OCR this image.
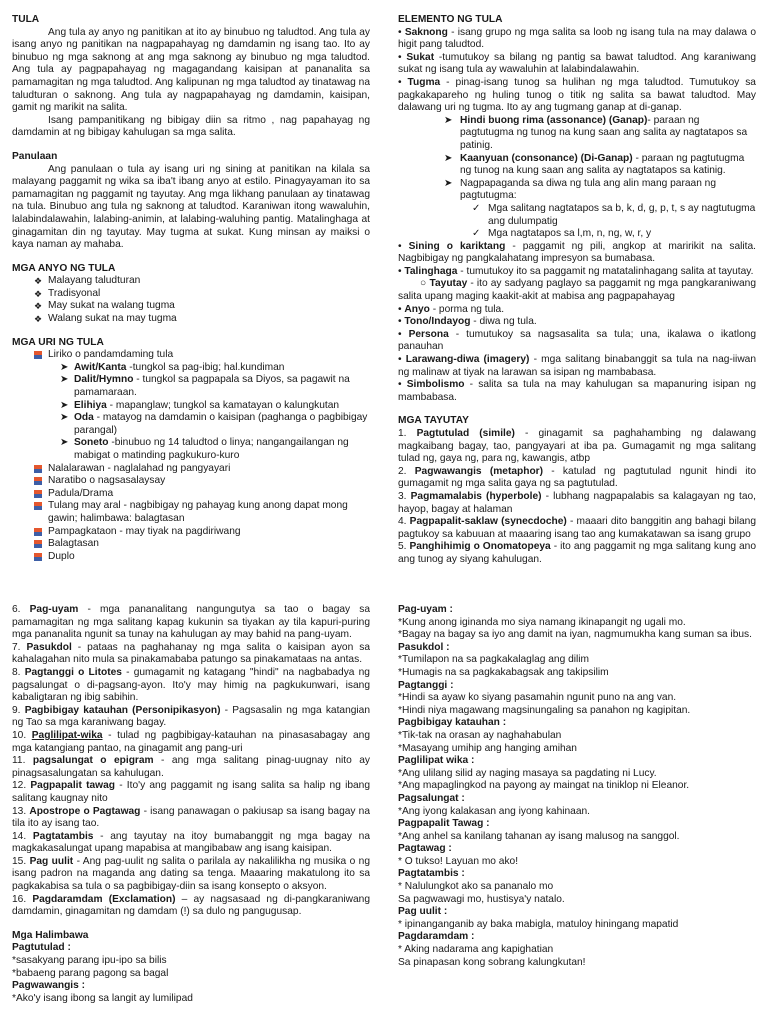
TULA

Ang tula ay anyo ng panitikan at ito ay binubuo ng taludtod. Ang tula ay isang anyo ng panitikan na nagpapahayag ng damdamin ng isang tao. Ito ay binubuo ng mga saknong at ang mga saknong ay binubuo ng mga taludtod. Ang tula ay pagpapahayag ng magagandang kaisipan at pananalita sa pamamagitan ng mga taludtod. Ang kalipunan ng mga taludtod ay tinatawag na taludturan o saknong. Ang tula ay nagpapahayag ng damdamin, kaisipan, gamit ng marikit na salita.

Isang pampanitikang ng bibigay diin sa ritmo , nag papahayag ng damdamin at ng bibigay kahulugan sa mga salita.

Panulaan

Ang panulaan o tula ay isang uri ng sining at panitikan na kilala sa malayang paggamit ng wika sa iba't ibang anyo at estilo. Pinagyayaman ito sa pamamagitan ng paggamit ng tayutay. Ang mga likhang panulaan ay tinatawag na tula. Binubuo ang tula ng saknong at taludtod. Karaniwan itong wawaluhin, lalabindalawahin, lalabing-animin, at lalabing-waluhing pantig. Matalinghaga at ginagamitan din ng tayutay. May tugma at sukat. Kung minsan ay maiksi o kaya naman ay mahaba.

MGA ANYO NG TULA

❖ Malayang taludturan

❖ Tradisyonal

❖ May sukat na walang tugma

❖ Walang sukat na may tugma

MGA URI NG TULA

Liriko o pandamdaming tula

➤ Awit/Kanta -tungkol sa pag-ibig; hal.kundiman

➤ Dalit/Hymno - tungkol sa pagpapala sa Diyos, sa pagawit na pamamaraan.

➤ Elihiya - mapanglaw; tungkol sa kamatayan o kalungkutan

➤ Oda - matayog na damdamin o kaisipan (paghanga o pagbibigay parangal)

➤ Soneto -binubuo ng 14 taludtod o linya; nangangailangan ng mabigat o matinding pagkukuro-kuro

Nalalarawan - naglalahad ng pangyayari

Naratibo o nagsasalaysay

Padula/Drama

Tulang may aral - nagbibigay ng pahayag kung anong dapat mong gawin; halimbawa: balagtasan

Pampagkataon - may tiyak na pagdiriwang

Balagtasan

Duplo

ELEMENTO NG TULA

• Saknong - isang grupo ng mga salita sa loob ng isang tula na may dalawa o higit pang taludtod.

• Sukat -tumutukoy sa bilang ng pantig sa bawat taludtod. Ang karaniwang sukat ng isang tula ay wawaluhin at lalabindalawahin.

• Tugma - pinag-isang tunog sa hulihan ng mga taludtod. Tumutukoy sa pagkakapareho ng huling tunog o titik ng salita sa bawat taludtod. May dalawang uri ng tugma. Ito ay ang tugmang ganap at di-ganap.

➤ Hindi buong rima (assonance) (Ganap)- paraan ng pagtutugma ng tunog na kung saan ang salita ay nagtatapos sa patinig.

➤ Kaanyuan (consonance) (Di-Ganap) - paraan ng pagtutugma ng tunog na kung saan ang salita ay nagtatapos sa katinig.

➤ Nagpapaganda sa diwa ng tula ang alin mang paraan ng pagtutugma:

✓ Mga salitang nagtatapos sa b, k, d, g, p, t, s ay nagtutugma ang dulumpatig

✓ Mga nagtatapos sa l,m, n, ng, w, r, y

• Sining o kariktang - paggamit ng pili, angkop at maririkit na salita. Nagbibigay ng pangkalahatang impresyon sa bumabasa.

• Talinghaga - tumutukoy ito sa paggamit ng matatalinhagang salita at tayutay.

○ Tayutay - ito ay sadyang paglayo sa paggamit ng mga pangkaraniwang salita upang maging kaakit-akit at mabisa ang pagpapahayag

• Anyo - porma ng tula.

• Tono/Indayog - diwa ng tula.

• Persona - tumutukoy sa nagsasalita sa tula; una, ikalawa o ikatlong panauhan

• Larawang-diwa (imagery) - mga salitang binabanggit sa tula na nag-iiwan ng malinaw at tiyak na larawan sa isipan ng mambabasa.

• Simbolismo - salita sa tula na may kahulugan sa mapanuring isipan ng mambabasa.

MGA TAYUTAY

1. Pagtutulad (simile) - ginagamit sa paghahambing ng dalawang magkaibang bagay, tao, pangyayari at iba pa. Gumagamit ng mga salitang tulad ng, gaya ng, para ng, kawangis, atbp

2. Pagwawangis (metaphor) - katulad ng pagtutulad ngunit hindi ito gumagamit ng mga salita gaya ng sa pagtutulad.

3. Pagmamalabis (hyperbole) - lubhang nagpapalabis sa kalagayan ng tao, hayop, bagay at halaman

4. Pagpapalit-saklaw (synecdoche) - maaari dito banggitin ang bahagi bilang pagtukoy sa kabuuan at maaaring isang tao ang kumakatawan sa isang grupo

5. Panghihimig o Onomatopeya - ito ang paggamit ng mga salitang kung ano ang tunog ay siyang kahulugan.

6. Pag-uyam - mga pananalitang nangungutya sa tao o bagay sa pamamagitan ng mga salitang kapag kukunin sa tiyakan ay tila kapuri-puring mga pananalita ngunit sa tunay na kahulugan ay may bahid na pang-uyam.

7. Pasukdol - pataas na paghahanay ng mga salita o kaisipan ayon sa kahalagahan nito mula sa pinakamababa patungo sa pinakamataas na antas.

8. Pagtanggi o Litotes - gumagamit ng katagang "hindi" na nagbabadya ng pagsalungat o di-pagsang-ayon. Ito'y may himig na pagkukunwari, isang kabaligtaran ng ibig sabihin.

9. Pagbibigay katauhan (Personipikasyon) - Pagsasalin ng mga katangian ng Tao sa mga karaniwang bagay.

10. Paglilipat-wika - tulad ng pagbibigay-katauhan na pinasasabagay ang mga katangiang pantao, na ginagamit ang pang-uri

11. pagsalungat o epigram - ang mga salitang pinag-uugnay nito ay pinagsasalungatan sa kahulugan.

12. Pagpapalit tawag - Ito'y ang paggamit ng isang salita sa halip ng ibang salitang kaugnay nito

13. Apostrope o Pagtawag - isang panawagan o pakiusap sa isang bagay na tila ito ay isang tao.

14. Pagtatambis - ang tayutay na itoy bumabanggit ng mga bagay na magkakasalungat upang mapabisa at mangibabaw ang isang kaisipan.

15. Pag uulit - Ang pag-uulit ng salita o parilala ay nakalilikha ng musika o ng isang padron na maganda ang dating sa tenga. Maaaring makatulong ito sa pagkakabisa sa tula o sa pagbibigay-diin sa isang konsepto o aksyon.

16. Pagdaramdam (Exclamation) – ay nagsasaad ng di-pangkaraniwang damdamin, ginagamitan ng damdam (!) sa dulo ng pangugusap.

Mga Halimbawa

Pagtutulad :

*sasakyang parang ipu-ipo sa bilis

*babaeng parang pagong sa bagal

Pagwawangis :

*Ako'y isang ibong sa langit ay lumilipad

Pag-uyam :

*Kung anong iginanda mo siya namang ikinapangit ng ugali mo.

*Bagay na bagay sa iyo ang damit na iyan, nagmumukha kang suman sa ibus.

Pasukdol :

*Tumilapon na sa pagkakalaglag ang dilim

*Humagis na sa pagkakabagsak ang takipsilim

Pagtanggi :

*Hindi sa ayaw ko siyang pasamahin ngunit puno na ang van.

*Hindi niya magawang magsinungaling sa panahon ng kagipitan.

Pagbibigay katauhan :

*Tik-tak na orasan ay naghahabulan

*Masayang umihip ang hanging amihan

Paglilipat wika :

*Ang ulilang silid ay naging masaya sa pagdating ni Lucy.

*Ang mapaglingkod na payong ay maingat na tiniklop ni Eleanor.

Pagsalungat :

*Ang iyong kalakasan ang iyong kahinaan.

Pagpapalit Tawag :

*Ang anhel sa kanilang tahanan ay isang malusog na sanggol.

Pagtawag :

* O tukso! Layuan mo ako!

Pagtatambis :

* Nalulungkot ako sa pananalo mo

Sa pagwawagi mo, hustisya'y natalo.

Pag uulit :

* ipinanganganib ay baka mabigla, matuloy hiningang mapatid

Pagdaramdam :

* Aking nadarama ang kapighatian

Sa pinapasan kong sobrang kalungkutan!
